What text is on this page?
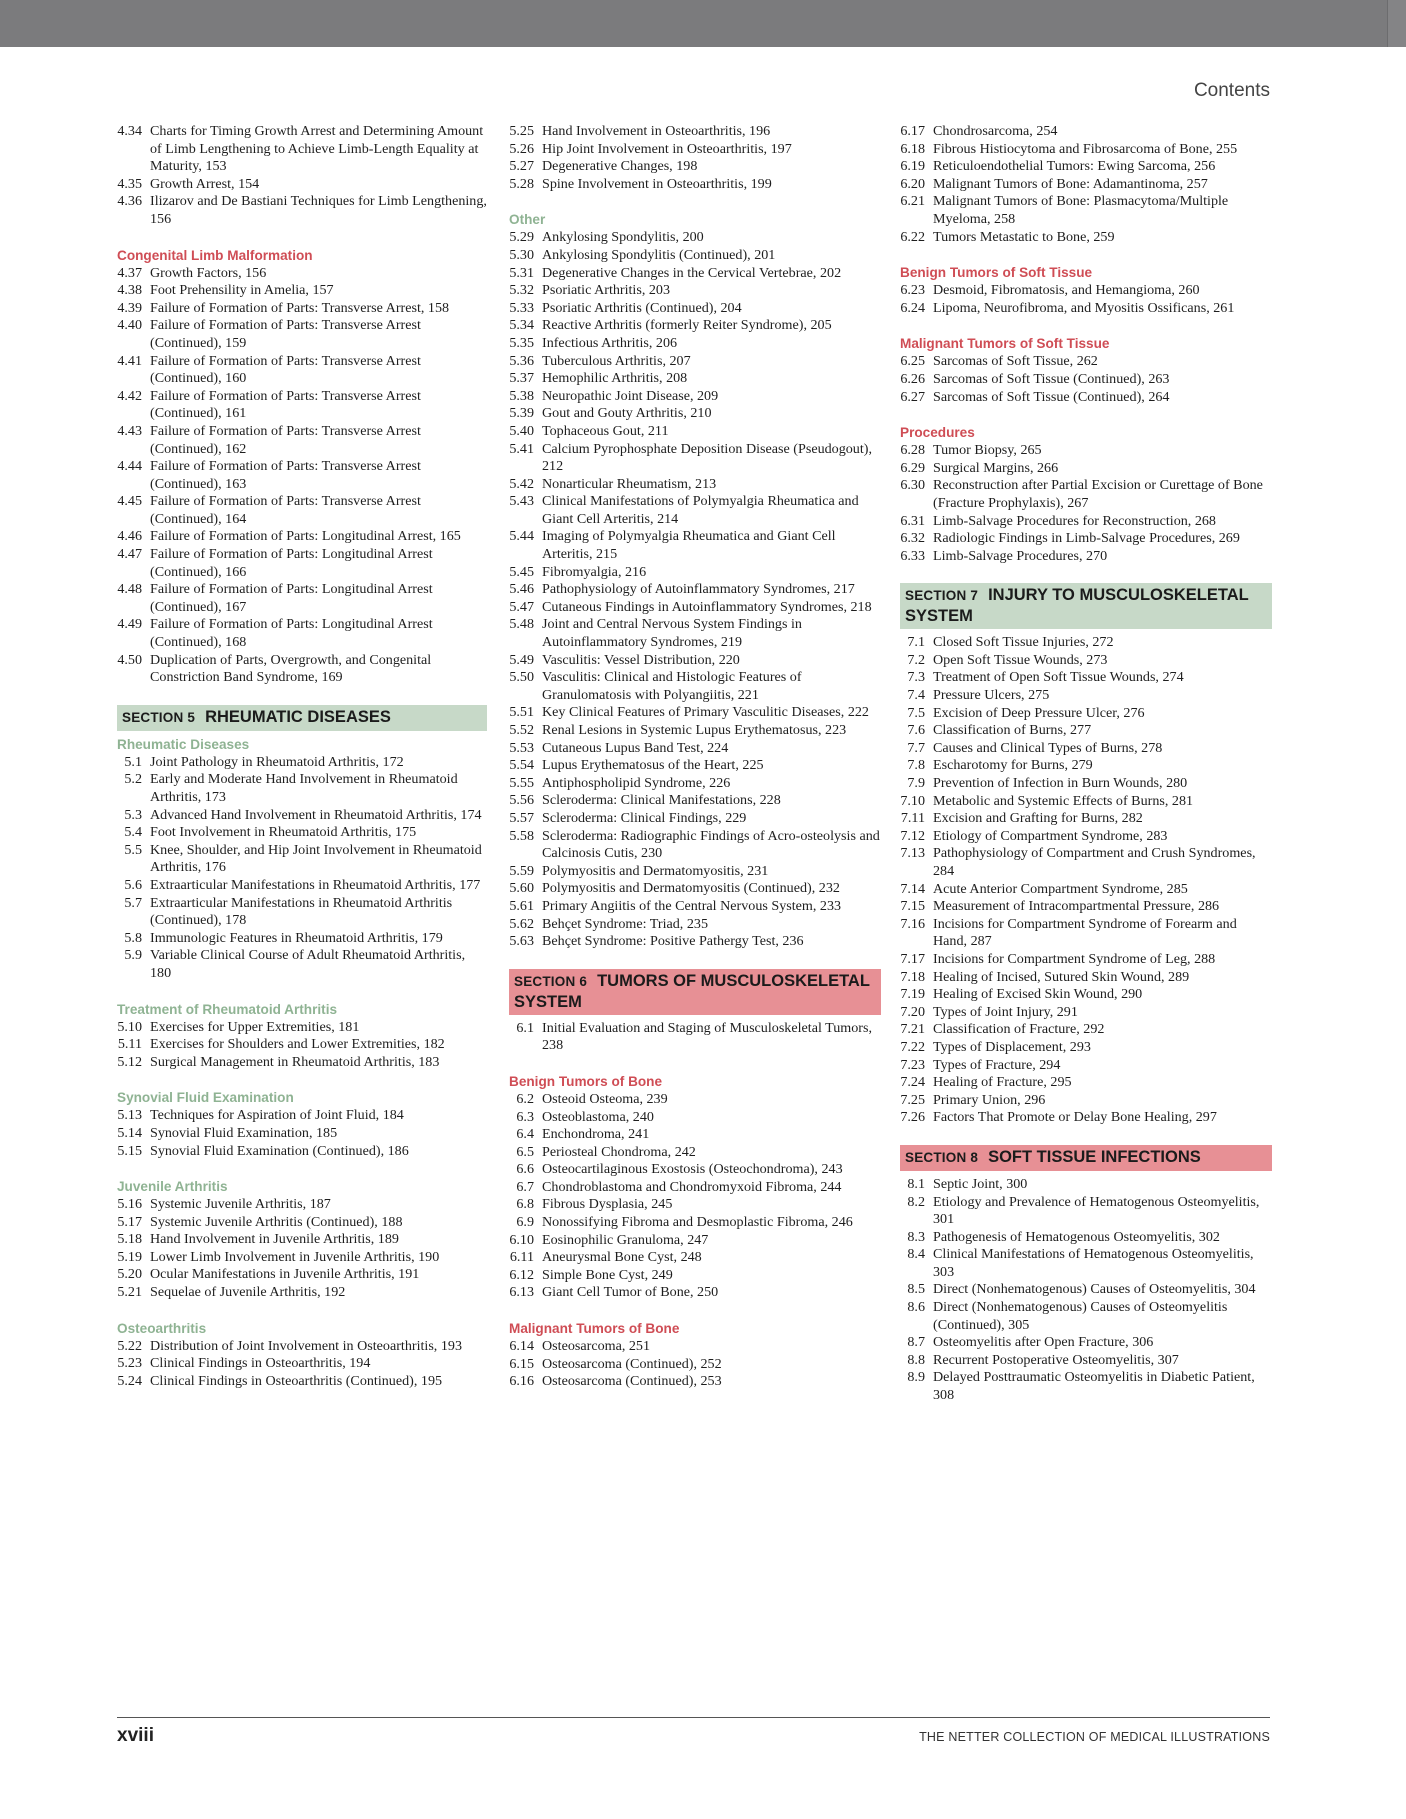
Contents
4.34 Charts for Timing Growth Arrest and Determining Amount of Limb Lengthening to Achieve Limb-Length Equality at Maturity, 153
4.35 Growth Arrest, 154
4.36 Ilizarov and De Bastiani Techniques for Limb Lengthening, 156
Congenital Limb Malformation
4.37 Growth Factors, 156
4.38 Foot Prehensility in Amelia, 157
4.39 Failure of Formation of Parts: Transverse Arrest, 158
4.40 Failure of Formation of Parts: Transverse Arrest (Continued), 159
4.41 Failure of Formation of Parts: Transverse Arrest (Continued), 160
4.42 Failure of Formation of Parts: Transverse Arrest (Continued), 161
4.43 Failure of Formation of Parts: Transverse Arrest (Continued), 162
4.44 Failure of Formation of Parts: Transverse Arrest (Continued), 163
4.45 Failure of Formation of Parts: Transverse Arrest (Continued), 164
4.46 Failure of Formation of Parts: Longitudinal Arrest, 165
4.47 Failure of Formation of Parts: Longitudinal Arrest (Continued), 166
4.48 Failure of Formation of Parts: Longitudinal Arrest (Continued), 167
4.49 Failure of Formation of Parts: Longitudinal Arrest (Continued), 168
4.50 Duplication of Parts, Overgrowth, and Congenital Constriction Band Syndrome, 169
SECTION 5 RHEUMATIC DISEASES
Rheumatic Diseases
5.1 Joint Pathology in Rheumatoid Arthritis, 172
5.2 Early and Moderate Hand Involvement in Rheumatoid Arthritis, 173
5.3 Advanced Hand Involvement in Rheumatoid Arthritis, 174
5.4 Foot Involvement in Rheumatoid Arthritis, 175
5.5 Knee, Shoulder, and Hip Joint Involvement in Rheumatoid Arthritis, 176
5.6 Extraarticular Manifestations in Rheumatoid Arthritis, 177
5.7 Extraarticular Manifestations in Rheumatoid Arthritis (Continued), 178
5.8 Immunologic Features in Rheumatoid Arthritis, 179
5.9 Variable Clinical Course of Adult Rheumatoid Arthritis, 180
Treatment of Rheumatoid Arthritis
5.10 Exercises for Upper Extremities, 181
5.11 Exercises for Shoulders and Lower Extremities, 182
5.12 Surgical Management in Rheumatoid Arthritis, 183
Synovial Fluid Examination
5.13 Techniques for Aspiration of Joint Fluid, 184
5.14 Synovial Fluid Examination, 185
5.15 Synovial Fluid Examination (Continued), 186
Juvenile Arthritis
5.16 Systemic Juvenile Arthritis, 187
5.17 Systemic Juvenile Arthritis (Continued), 188
5.18 Hand Involvement in Juvenile Arthritis, 189
5.19 Lower Limb Involvement in Juvenile Arthritis, 190
5.20 Ocular Manifestations in Juvenile Arthritis, 191
5.21 Sequelae of Juvenile Arthritis, 192
Osteoarthritis
5.22 Distribution of Joint Involvement in Osteoarthritis, 193
5.23 Clinical Findings in Osteoarthritis, 194
5.24 Clinical Findings in Osteoarthritis (Continued), 195
5.25 Hand Involvement in Osteoarthritis, 196
5.26 Hip Joint Involvement in Osteoarthritis, 197
5.27 Degenerative Changes, 198
5.28 Spine Involvement in Osteoarthritis, 199
Other
5.29 Ankylosing Spondylitis, 200
5.30 Ankylosing Spondylitis (Continued), 201
5.31 Degenerative Changes in the Cervical Vertebrae, 202
5.32 Psoriatic Arthritis, 203
5.33 Psoriatic Arthritis (Continued), 204
5.34 Reactive Arthritis (formerly Reiter Syndrome), 205
5.35 Infectious Arthritis, 206
5.36 Tuberculous Arthritis, 207
5.37 Hemophilic Arthritis, 208
5.38 Neuropathic Joint Disease, 209
5.39 Gout and Gouty Arthritis, 210
5.40 Tophaceous Gout, 211
5.41 Calcium Pyrophosphate Deposition Disease (Pseudogout), 212
5.42 Nonarticular Rheumatism, 213
5.43 Clinical Manifestations of Polymyalgia Rheumatica and Giant Cell Arteritis, 214
5.44 Imaging of Polymyalgia Rheumatica and Giant Cell Arteritis, 215
5.45 Fibromyalgia, 216
5.46 Pathophysiology of Autoinflammatory Syndromes, 217
5.47 Cutaneous Findings in Autoinflammatory Syndromes, 218
5.48 Joint and Central Nervous System Findings in Autoinflammatory Syndromes, 219
5.49 Vasculitis: Vessel Distribution, 220
5.50 Vasculitis: Clinical and Histologic Features of Granulomatosis with Polyangiitis, 221
5.51 Key Clinical Features of Primary Vasculitic Diseases, 222
5.52 Renal Lesions in Systemic Lupus Erythematosus, 223
5.53 Cutaneous Lupus Band Test, 224
5.54 Lupus Erythematosus of the Heart, 225
5.55 Antiphospholipid Syndrome, 226
5.56 Scleroderma: Clinical Manifestations, 228
5.57 Scleroderma: Clinical Findings, 229
5.58 Scleroderma: Radiographic Findings of Acro-osteolysis and Calcinosis Cutis, 230
5.59 Polymyositis and Dermatomyositis, 231
5.60 Polymyositis and Dermatomyositis (Continued), 232
5.61 Primary Angiitis of the Central Nervous System, 233
5.62 Behçet Syndrome: Triad, 235
5.63 Behçet Syndrome: Positive Pathergy Test, 236
SECTION 6 TUMORS OF MUSCULOSKELETAL SYSTEM
6.1 Initial Evaluation and Staging of Musculoskeletal Tumors, 238
Benign Tumors of Bone
6.2 Osteoid Osteoma, 239
6.3 Osteoblastoma, 240
6.4 Enchondroma, 241
6.5 Periosteal Chondroma, 242
6.6 Osteocartilaginous Exostosis (Osteochondroma), 243
6.7 Chondroblastoma and Chondromyxoid Fibroma, 244
6.8 Fibrous Dysplasia, 245
6.9 Nonossifying Fibroma and Desmoplastic Fibroma, 246
6.10 Eosinophilic Granuloma, 247
6.11 Aneurysmal Bone Cyst, 248
6.12 Simple Bone Cyst, 249
6.13 Giant Cell Tumor of Bone, 250
Malignant Tumors of Bone
6.14 Osteosarcoma, 251
6.15 Osteosarcoma (Continued), 252
6.16 Osteosarcoma (Continued), 253
6.17 Chondrosarcoma, 254
6.18 Fibrous Histiocytoma and Fibrosarcoma of Bone, 255
6.19 Reticuloendothelial Tumors: Ewing Sarcoma, 256
6.20 Malignant Tumors of Bone: Adamantinoma, 257
6.21 Malignant Tumors of Bone: Plasmacytoma/Multiple Myeloma, 258
6.22 Tumors Metastatic to Bone, 259
Benign Tumors of Soft Tissue
6.23 Desmoid, Fibromatosis, and Hemangioma, 260
6.24 Lipoma, Neurofibroma, and Myositis Ossificans, 261
Malignant Tumors of Soft Tissue
6.25 Sarcomas of Soft Tissue, 262
6.26 Sarcomas of Soft Tissue (Continued), 263
6.27 Sarcomas of Soft Tissue (Continued), 264
Procedures
6.28 Tumor Biopsy, 265
6.29 Surgical Margins, 266
6.30 Reconstruction after Partial Excision or Curettage of Bone (Fracture Prophylaxis), 267
6.31 Limb-Salvage Procedures for Reconstruction, 268
6.32 Radiologic Findings in Limb-Salvage Procedures, 269
6.33 Limb-Salvage Procedures, 270
SECTION 7 INJURY TO MUSCULOSKELETAL SYSTEM
7.1 Closed Soft Tissue Injuries, 272
7.2 Open Soft Tissue Wounds, 273
7.3 Treatment of Open Soft Tissue Wounds, 274
7.4 Pressure Ulcers, 275
7.5 Excision of Deep Pressure Ulcer, 276
7.6 Classification of Burns, 277
7.7 Causes and Clinical Types of Burns, 278
7.8 Escharotomy for Burns, 279
7.9 Prevention of Infection in Burn Wounds, 280
7.10 Metabolic and Systemic Effects of Burns, 281
7.11 Excision and Grafting for Burns, 282
7.12 Etiology of Compartment Syndrome, 283
7.13 Pathophysiology of Compartment and Crush Syndromes, 284
7.14 Acute Anterior Compartment Syndrome, 285
7.15 Measurement of Intracompartmental Pressure, 286
7.16 Incisions for Compartment Syndrome of Forearm and Hand, 287
7.17 Incisions for Compartment Syndrome of Leg, 288
7.18 Healing of Incised, Sutured Skin Wound, 289
7.19 Healing of Excised Skin Wound, 290
7.20 Types of Joint Injury, 291
7.21 Classification of Fracture, 292
7.22 Types of Displacement, 293
7.23 Types of Fracture, 294
7.24 Healing of Fracture, 295
7.25 Primary Union, 296
7.26 Factors That Promote or Delay Bone Healing, 297
SECTION 8 SOFT TISSUE INFECTIONS
8.1 Septic Joint, 300
8.2 Etiology and Prevalence of Hematogenous Osteomyelitis, 301
8.3 Pathogenesis of Hematogenous Osteomyelitis, 302
8.4 Clinical Manifestations of Hematogenous Osteomyelitis, 303
8.5 Direct (Nonhematogenous) Causes of Osteomyelitis, 304
8.6 Direct (Nonhematogenous) Causes of Osteomyelitis (Continued), 305
8.7 Osteomyelitis after Open Fracture, 306
8.8 Recurrent Postoperative Osteomyelitis, 307
8.9 Delayed Posttraumatic Osteomyelitis in Diabetic Patient, 308
xviii	THE NETTER COLLECTION OF MEDICAL ILLUSTRATIONS
